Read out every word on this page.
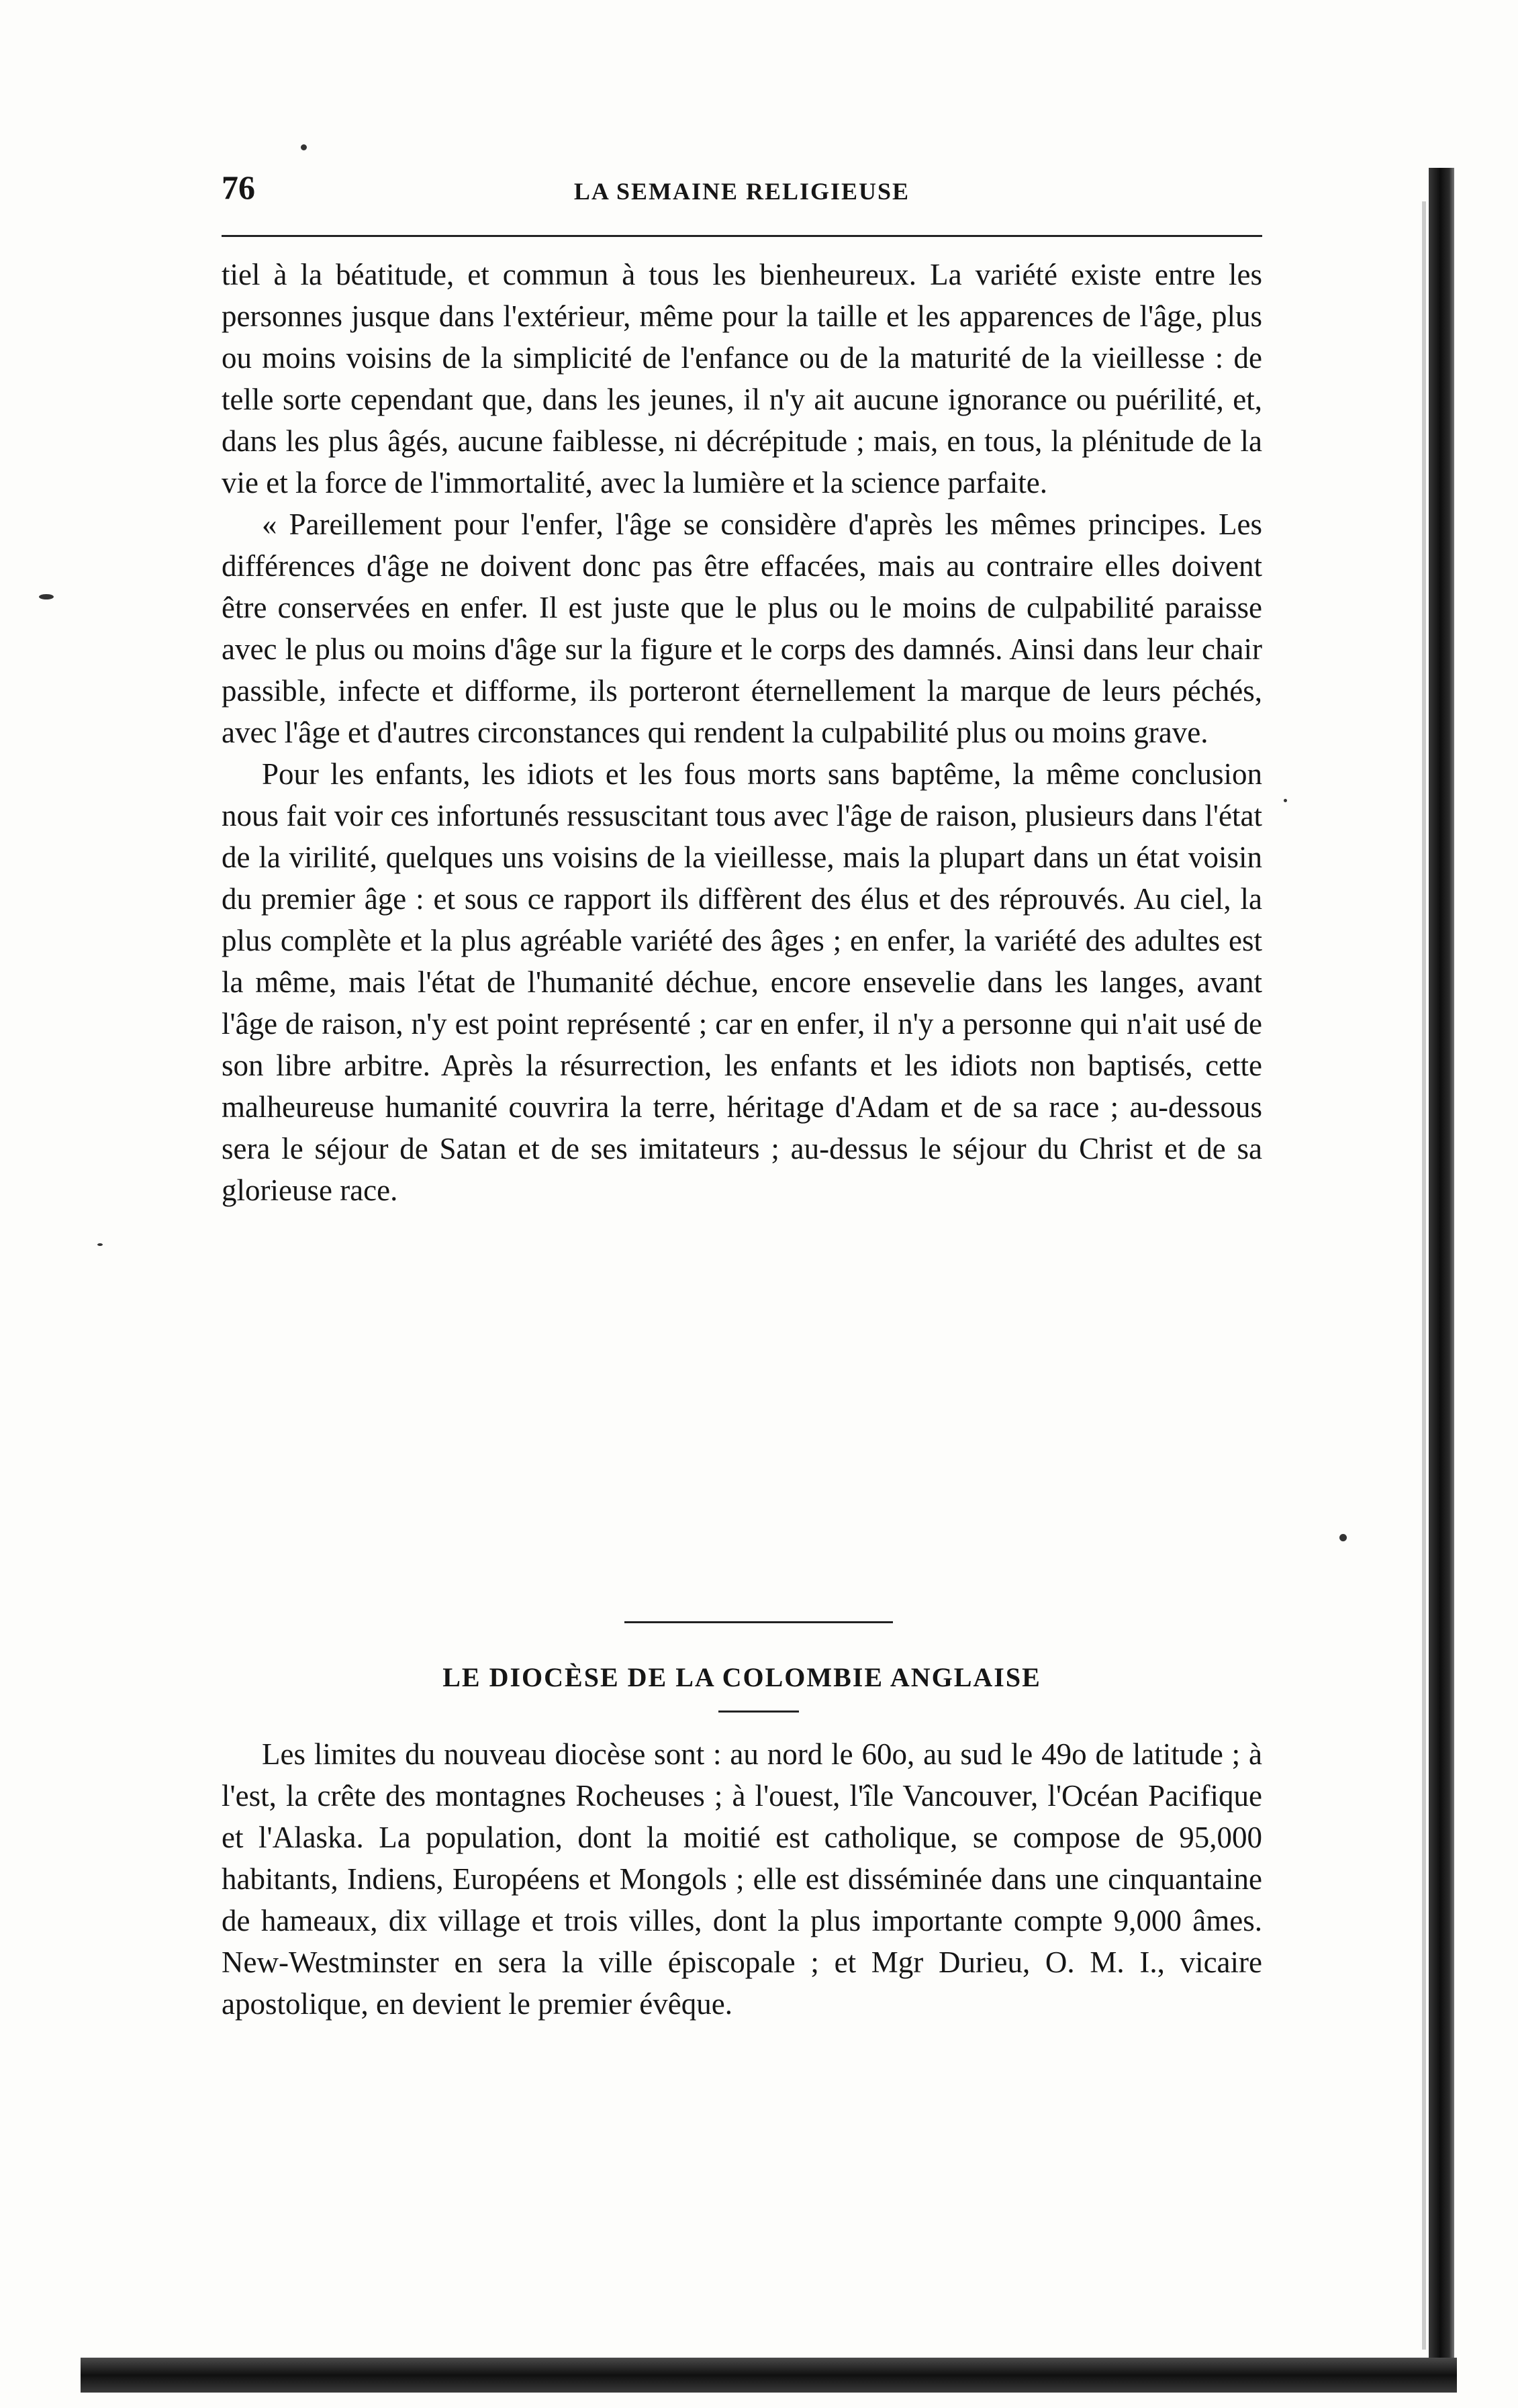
76	LA SEMAINE RELIGIEUSE

tiel à la béatitude, et commun à tous les bienheureux. La variété existe entre les personnes jusque dans l'extérieur, même pour la taille et les apparences de l'âge, plus ou moins voisins de la simplicité de l'enfance ou de la maturité de la vieillesse : de telle sorte cependant que, dans les jeunes, il n'y ait aucune ignorance ou puérilité, et, dans les plus âgés, aucune faiblesse, ni décrépitude ; mais, en tous, la plénitude de la vie et la force de l'immortalité, avec la lumière et la science parfaite.

« Pareillement pour l'enfer, l'âge se considère d'après les mêmes principes. Les différences d'âge ne doivent donc pas être effacées, mais au contraire elles doivent être conservées en enfer. Il est juste que le plus ou le moins de culpabilité paraisse avec le plus ou moins d'âge sur la figure et le corps des damnés. Ainsi dans leur chair passible, infecte et difforme, ils porteront éternellement la marque de leurs péchés, avec l'âge et d'autres circonstances qui rendent la culpabilité plus ou moins grave.

Pour les enfants, les idiots et les fous morts sans baptême, la même conclusion nous fait voir ces infortunés ressuscitant tous avec l'âge de raison, plusieurs dans l'état de la virilité, quelques uns voisins de la vieillesse, mais la plupart dans un état voisin du premier âge : et sous ce rapport ils diffèrent des élus et des réprouvés. Au ciel, la plus complète et la plus agréable variété des âges ; en enfer, la variété des adultes est la même, mais l'état de l'humanité déchue, encore ensevelie dans les langes, avant l'âge de raison, n'y est point représenté ; car en enfer, il n'y a personne qui n'ait usé de son libre arbitre. Après la résurrection, les enfants et les idiots non baptisés, cette malheureuse humanité couvrira la terre, héritage d'Adam et de sa race ; au-dessous sera le séjour de Satan et de ses imitateurs ; au-dessus le séjour du Christ et de sa glorieuse race.

LE DIOCÈSE DE LA COLOMBIE ANGLAISE

Les limites du nouveau diocèse sont : au nord le 60o, au sud le 49o de latitude ; à l'est, la crête des montagnes Rocheuses ; à l'ouest, l'île Vancouver, l'Océan Pacifique et l'Alaska. La population, dont la moitié est catholique, se compose de 95,000 habitants, Indiens, Européens et Mongols ; elle est disséminée dans une cinquantaine de hameaux, dix village et trois villes, dont la plus importante compte 9,000 âmes. New-Westminster en sera la ville épiscopale ; et Mgr Durieu, O. M. I., vicaire apostolique, en devient le premier évêque.
